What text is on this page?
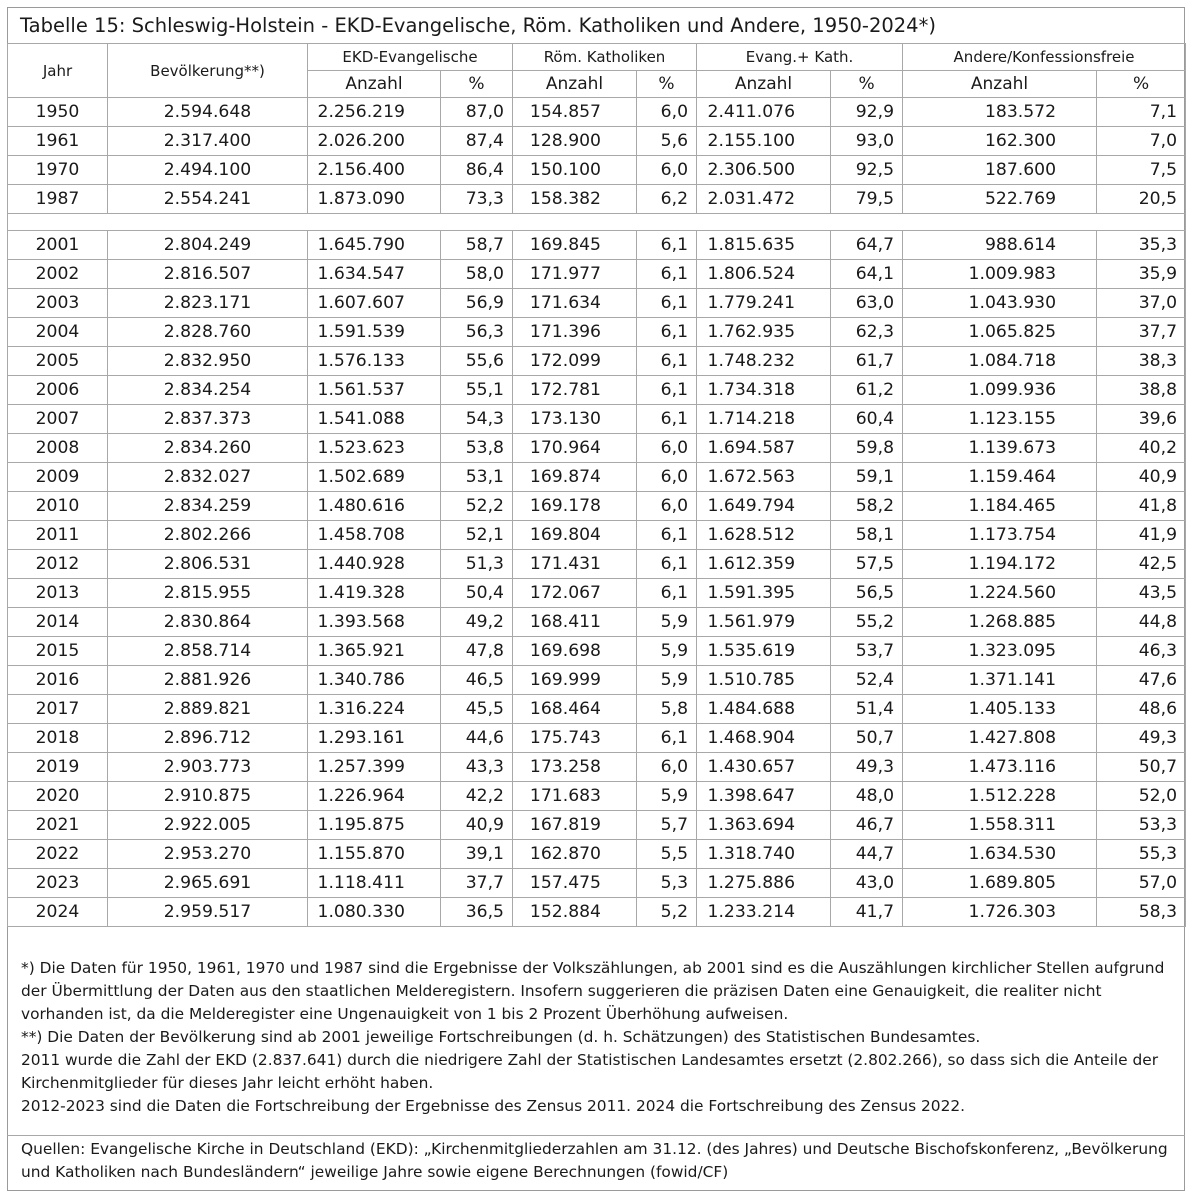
Tabelle 15: Schleswig-Holstein - EKD-Evangelische, Röm. Katholiken und Andere, 1950-2024*)
Jahr	Bevölkerung**)	EKD-Evangelische		Röm. Katholiken		Evang.+ Kath.		Andere/Konfessionsfreie	
		Anzahl	%	Anzahl	%	Anzahl	%	Anzahl	%
1950	2.594.648	2.256.219	87,0	154.857	6,0	2.411.076	92,9	183.572	7,1
1961	2.317.400	2.026.200	87,4	128.900	5,6	2.155.100	93,0	162.300	7,0
1970	2.494.100	2.156.400	86,4	150.100	6,0	2.306.500	92,5	187.600	7,5
1987	2.554.241	1.873.090	73,3	158.382	6,2	2.031.472	79,5	522.769	20,5

2001	2.804.249	1.645.790	58,7	169.845	6,1	1.815.635	64,7	988.614	35,3
2002	2.816.507	1.634.547	58,0	171.977	6,1	1.806.524	64,1	1.009.983	35,9
2003	2.823.171	1.607.607	56,9	171.634	6,1	1.779.241	63,0	1.043.930	37,0
2004	2.828.760	1.591.539	56,3	171.396	6,1	1.762.935	62,3	1.065.825	37,7
2005	2.832.950	1.576.133	55,6	172.099	6,1	1.748.232	61,7	1.084.718	38,3
2006	2.834.254	1.561.537	55,1	172.781	6,1	1.734.318	61,2	1.099.936	38,8
2007	2.837.373	1.541.088	54,3	173.130	6,1	1.714.218	60,4	1.123.155	39,6
2008	2.834.260	1.523.623	53,8	170.964	6,0	1.694.587	59,8	1.139.673	40,2
2009	2.832.027	1.502.689	53,1	169.874	6,0	1.672.563	59,1	1.159.464	40,9
2010	2.834.259	1.480.616	52,2	169.178	6,0	1.649.794	58,2	1.184.465	41,8
2011	2.802.266	1.458.708	52,1	169.804	6,1	1.628.512	58,1	1.173.754	41,9
2012	2.806.531	1.440.928	51,3	171.431	6,1	1.612.359	57,5	1.194.172	42,5
2013	2.815.955	1.419.328	50,4	172.067	6,1	1.591.395	56,5	1.224.560	43,5
2014	2.830.864	1.393.568	49,2	168.411	5,9	1.561.979	55,2	1.268.885	44,8
2015	2.858.714	1.365.921	47,8	169.698	5,9	1.535.619	53,7	1.323.095	46,3
2016	2.881.926	1.340.786	46,5	169.999	5,9	1.510.785	52,4	1.371.141	47,6
2017	2.889.821	1.316.224	45,5	168.464	5,8	1.484.688	51,4	1.405.133	48,6
2018	2.896.712	1.293.161	44,6	175.743	6,1	1.468.904	50,7	1.427.808	49,3
2019	2.903.773	1.257.399	43,3	173.258	6,0	1.430.657	49,3	1.473.116	50,7
2020	2.910.875	1.226.964	42,2	171.683	5,9	1.398.647	48,0	1.512.228	52,0
2021	2.922.005	1.195.875	40,9	167.819	5,7	1.363.694	46,7	1.558.311	53,3
2022	2.953.270	1.155.870	39,1	162.870	5,5	1.318.740	44,7	1.634.530	55,3
2023	2.965.691	1.118.411	37,7	157.475	5,3	1.275.886	43,0	1.689.805	57,0
2024	2.959.517	1.080.330	36,5	152.884	5,2	1.233.214	41,7	1.726.303	58,3

*) Die Daten für 1950, 1961, 1970 und 1987 sind die Ergebnisse der Volkszählungen, ab 2001 sind es die Auszählungen kirchlicher Stellen aufgrund der Übermittlung der Daten aus den staatlichen Melderegistern. Insofern suggerieren die präzisen Daten eine Genauigkeit, die realiter nicht vorhanden ist, da die Melderegister eine Ungenauigkeit von 1 bis 2 Prozent Überhöhung aufweisen.

**) Die Daten der Bevölkerung sind ab 2001 jeweilige Fortschreibungen (d. h. Schätzungen) des Statistischen Bundesamtes.

2011 wurde die Zahl der EKD (2.837.641) durch die niedrigere Zahl der Statistischen Landesamtes ersetzt (2.802.266), so dass sich die Anteile der Kirchenmitglieder für dieses Jahr leicht erhöht haben.

2012-2023 sind die Daten die Fortschreibung der Ergebnisse des Zensus 2011. 2024 die Fortschreibung des Zensus 2022.

Quellen: Evangelische Kirche in Deutschland (EKD): „Kirchenmitgliederzahlen am 31.12. (des Jahres) und Deutsche Bischofskonferenz, „Bevölkerung und Katholiken nach Bundesländern“ jeweilige Jahre sowie eigene Berechnungen (fowid/CF)
